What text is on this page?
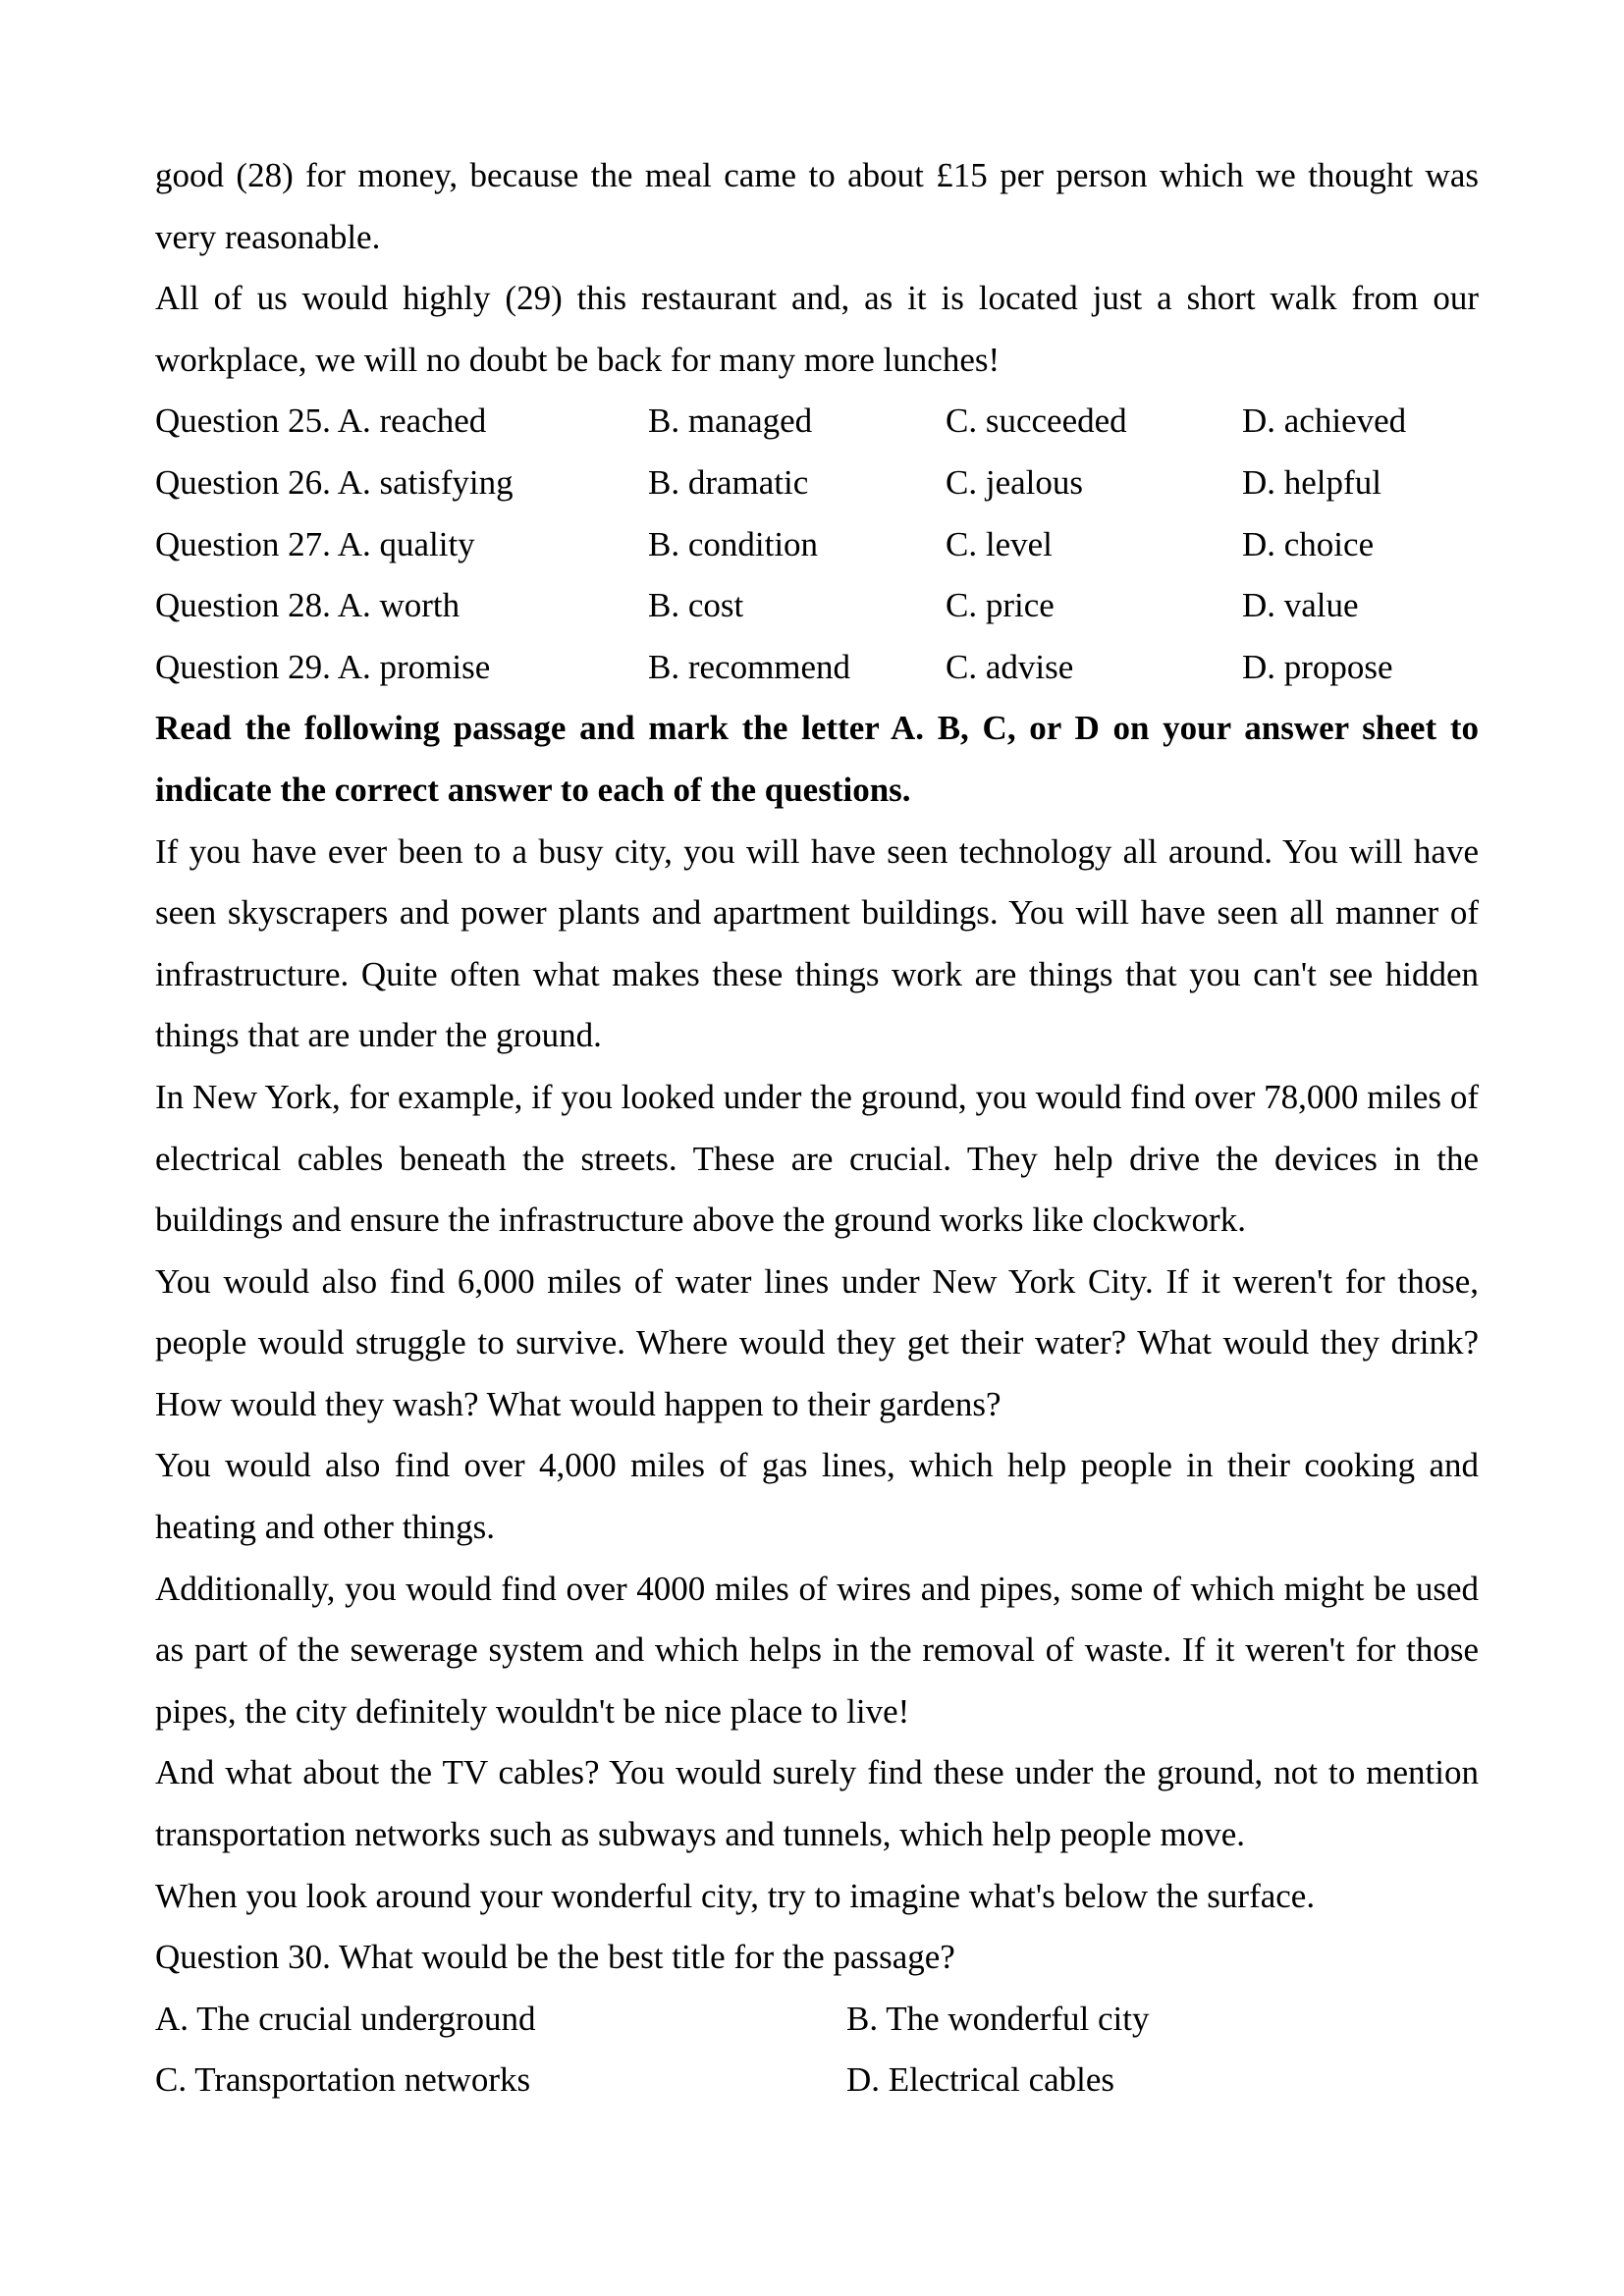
good (28) for money, because the meal came to about £15 per person which we thought was very reasonable.

All of us would highly (29) this restaurant and, as it is located just a short walk from our workplace, we will no doubt be back for many more lunches!

Question 25. A. reached	B. managed	C. succeeded	D. achieved
Question 26. A. satisfying	B. dramatic	C. jealous	D. helpful
Question 27. A. quality	B. condition	C. level	D. choice
Question 28. A. worth	B. cost	C. price	D. value
Question 29. A. promise	B. recommend	C. advise	D. propose

Read the following passage and mark the letter A. B, C, or D on your answer sheet to indicate the correct answer to each of the questions.

If you have ever been to a busy city, you will have seen technology all around. You will have seen skyscrapers and power plants and apartment buildings. You will have seen all manner of infrastructure. Quite often what makes these things work are things that you can't see hidden things that are under the ground.

In New York, for example, if you looked under the ground, you would find over 78,000 miles of electrical cables beneath the streets. These are crucial. They help drive the devices in the buildings and ensure the infrastructure above the ground works like clockwork.

You would also find 6,000 miles of water lines under New York City. If it weren't for those, people would struggle to survive. Where would they get their water? What would they drink? How would they wash? What would happen to their gardens?

You would also find over 4,000 miles of gas lines, which help people in their cooking and heating and other things.

Additionally, you would find over 4000 miles of wires and pipes, some of which might be used as part of the sewerage system and which helps in the removal of waste. If it weren't for those pipes, the city definitely wouldn't be nice place to live!

And what about the TV cables? You would surely find these under the ground, not to mention transportation networks such as subways and tunnels, which help people move.

When you look around your wonderful city, try to imagine what's below the surface.

Question 30. What would be the best title for the passage?

A. The crucial underground	B. The wonderful city
C. Transportation networks	D. Electrical cables
